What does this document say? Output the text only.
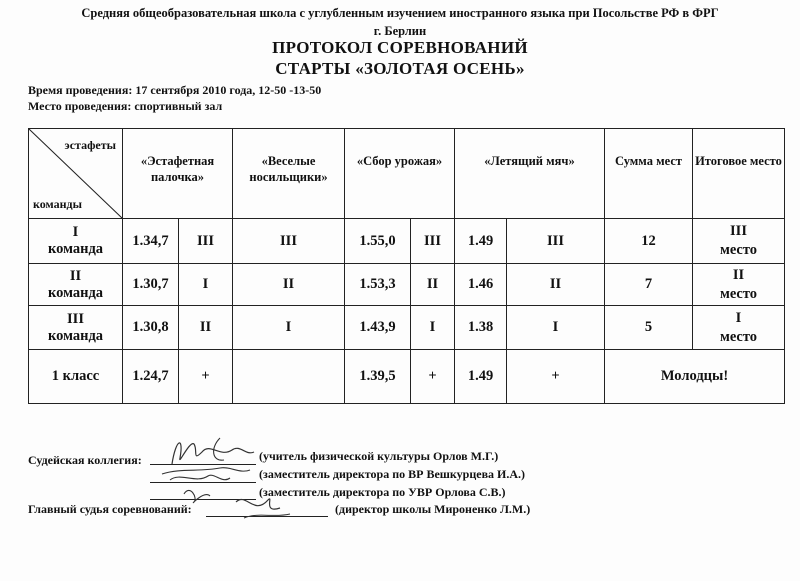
Средняя общеобразовательная школа с углубленным изучением иностранного языка при Посольстве РФ в ФРГ
г. Берлин
ПРОТОКОЛ СОРЕВНОВАНИЙ
СТАРТЫ «ЗОЛОТАЯ ОСЕНЬ»
Время проведения: 17 сентября 2010 года, 12-50 -13-50
Место проведения: спортивный зал
эстафеты
команды	«Эстафетная палочка»		«Веселые носильщики»	«Сбор урожая»		«Летящий мяч»		Сумма мест	Итоговое место

I
команда	1.34,7	III	III	1.55,0	III	1.49	III	12	III
место

II
команда	1.30,7	I	II	1.53,3	II	1.46	II	7	II
место

III
команда	1.30,8	II	I	1.43,9	I	1.38	I	5	I
место

1 класс	1.24,7	+		1.39,5	+	1.49	+	Молодцы!	
Судейская коллегия:	(учитель физической культуры Орлов М.Г.)
(заместитель директора по ВР Вешкурцева И.А.)
(заместитель директора по УВР Орлова С.В.)
Главный судья соревнований:	(директор школы Мироненко Л.М.)
